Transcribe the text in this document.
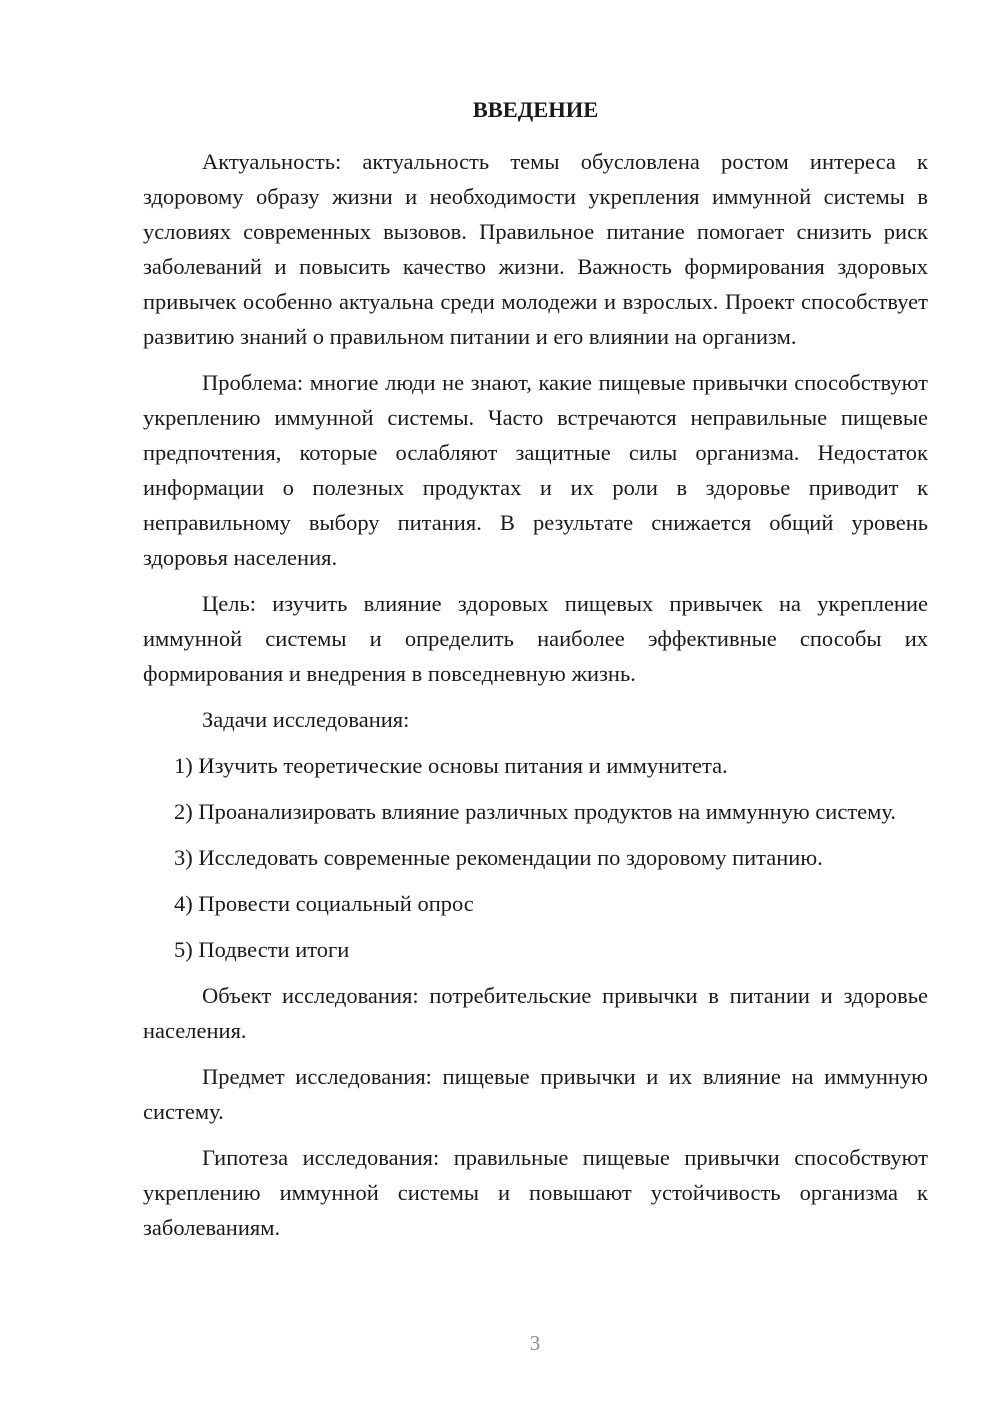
ВВЕДЕНИЕ

Актуальность: актуальность темы обусловлена ростом интереса к здоровому образу жизни и необходимости укрепления иммунной системы в условиях современных вызовов. Правильное питание помогает снизить риск заболеваний и повысить качество жизни. Важность формирования здоровых привычек особенно актуальна среди молодежи и взрослых. Проект способствует развитию знаний о правильном питании и его влиянии на организм.

Проблема: многие люди не знают, какие пищевые привычки способствуют укреплению иммунной системы. Часто встречаются неправильные пищевые предпочтения, которые ослабляют защитные силы организма. Недостаток информации о полезных продуктах и их роли в здоровье приводит к неправильному выбору питания. В результате снижается общий уровень здоровья населения.

Цель: изучить влияние здоровых пищевых привычек на укрепление иммунной системы и определить наиболее эффективные способы их формирования и внедрения в повседневную жизнь.

Задачи исследования:

1) Изучить теоретические основы питания и иммунитета.

2) Проанализировать влияние различных продуктов на иммунную систему.

3) Исследовать современные рекомендации по здоровому питанию.

4) Провести социальный опрос

5) Подвести итоги

Объект исследования: потребительские привычки в питании и здоровье населения.

Предмет исследования: пищевые привычки и их влияние на иммунную систему.

Гипотеза исследования: правильные пищевые привычки способствуют укреплению иммунной системы и повышают устойчивость организма к заболеваниям.

3
